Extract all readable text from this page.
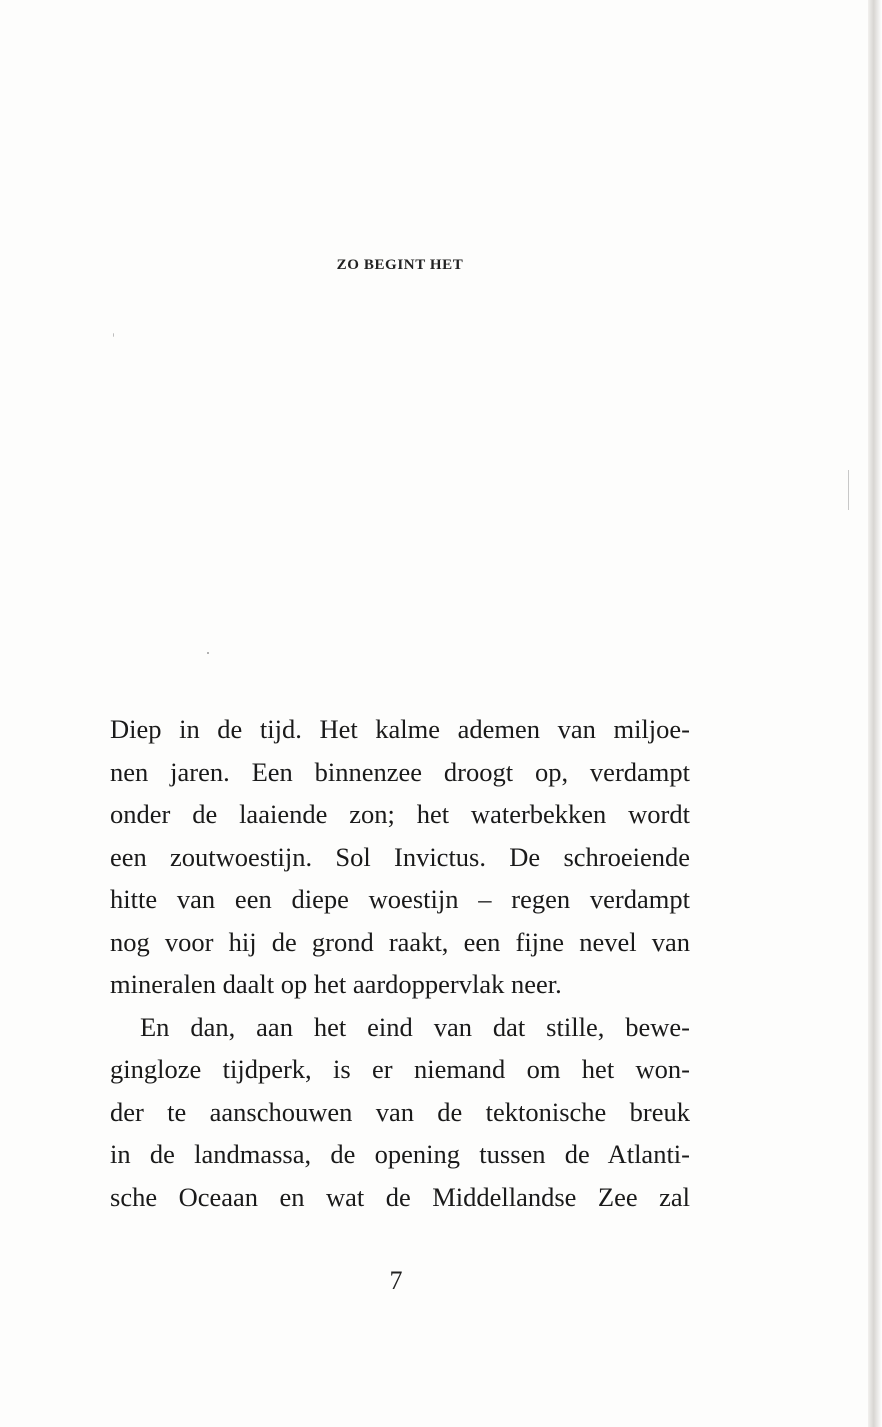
ZO BEGINT HET
Diep in de tijd. Het kalme ademen van miljoe-
nen jaren. Een binnenzee droogt op, verdampt
onder de laaiende zon; het waterbekken wordt
een zoutwoestijn. Sol Invictus. De schroeiende
hitte van een diepe woestijn – regen verdampt
nog voor hij de grond raakt, een fijne nevel van
mineralen daalt op het aardoppervlak neer.
En dan, aan het eind van dat stille, bewe-
gingloze tijdperk, is er niemand om het won-
der te aanschouwen van de tektonische breuk
in de landmassa, de opening tussen de Atlanti-
sche Oceaan en wat de Middellandse Zee zal
7
